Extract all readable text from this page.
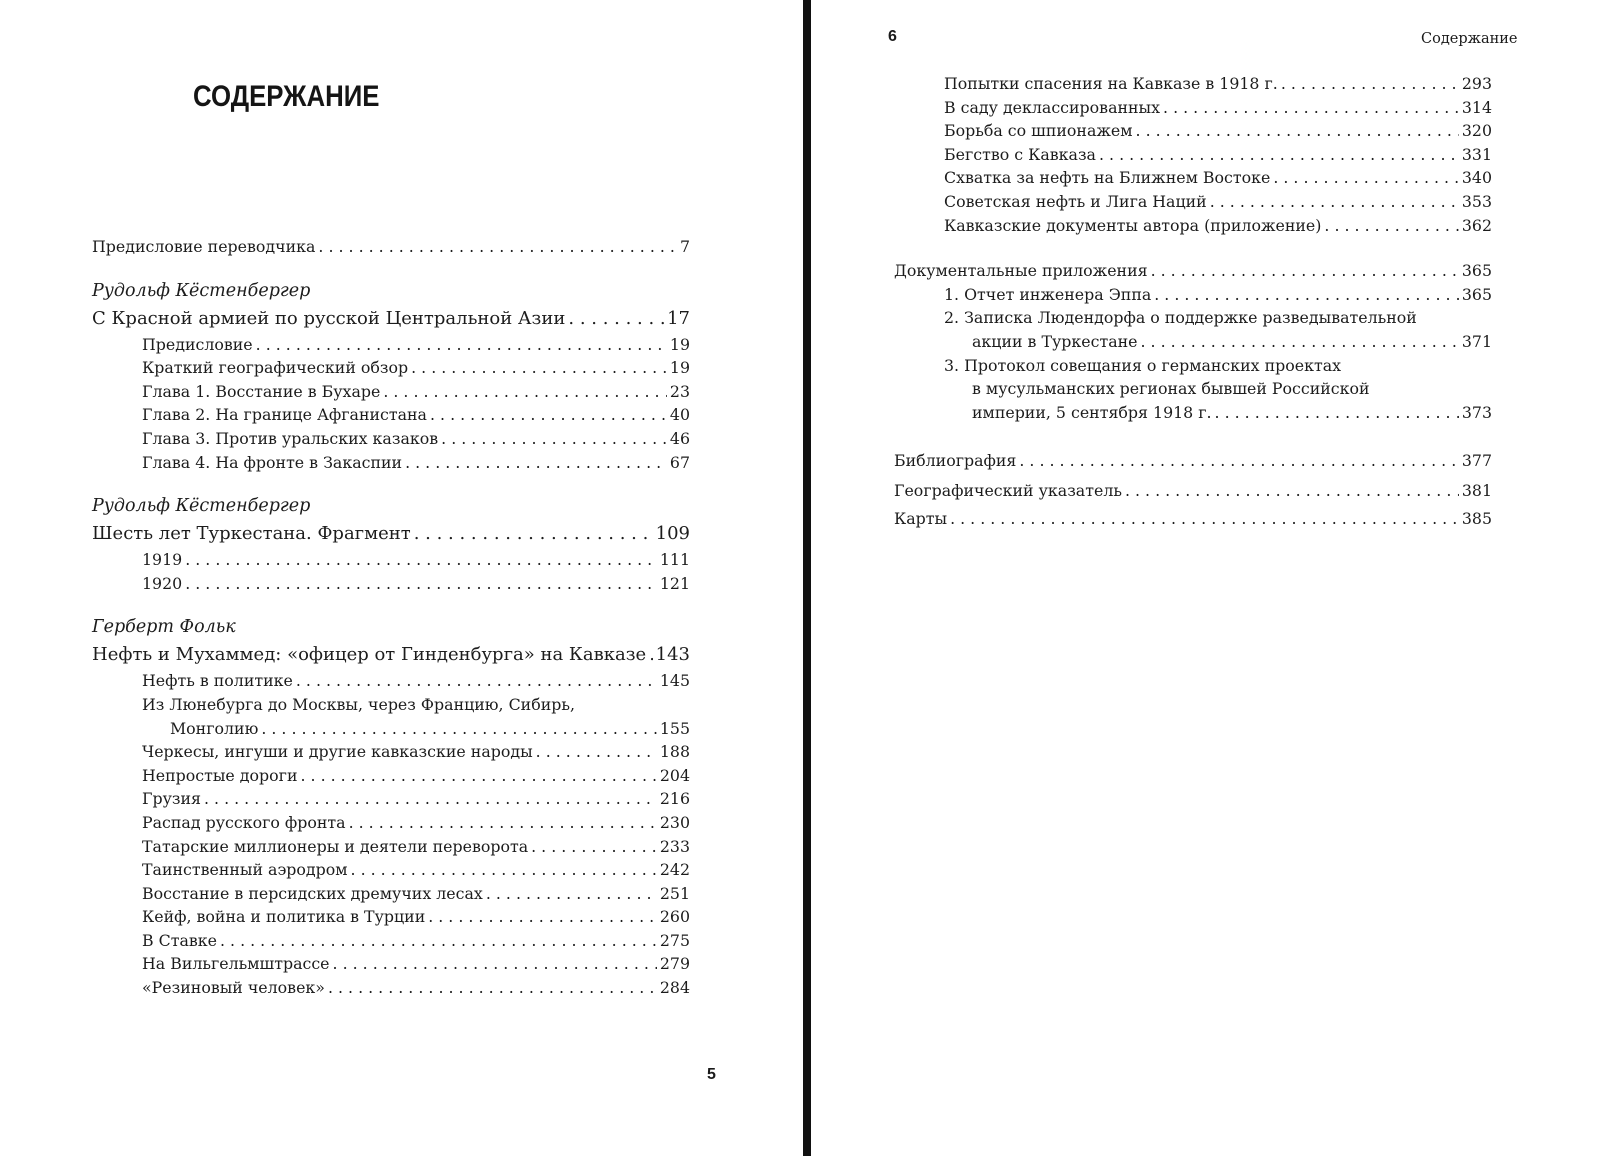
СОДЕРЖАНИЕ
Предисловие переводчика . . .	7
Рудольф Кёстенбергер
С Красной армией по русской Центральной Азии . . .	17
Предисловие . . .	19
Краткий географический обзор . . .	19
Глава 1. Восстание в Бухаре . . .	23
Глава 2. На границе Афганистана . . .	40
Глава 3. Против уральских казаков . . .	46
Глава 4. На фронте в Закаспии . . .	67
Рудольф Кёстенбергер
Шесть лет Туркестана. Фрагмент . . .	109
1919 . . .	111
1920 . . .	121
Герберт Фольк
Нефть и Мухаммед: «офицер от Гинденбурга» на Кавказе . . . 143
Нефть в политике . . .	145
Из Люнебурга до Москвы, через Францию, Сибирь,
Монголию . . .	155
Черкесы, ингуши и другие кавказские народы . . .	188
Непростые дороги . . .	204
Грузия . . .	216
Распад русского фронта . . .	230
Татарские миллионеры и деятели переворота . . .	233
Таинственный аэродром . . .	242
Восстание в персидских дремучих лесах . . .	251
Кейф, война и политика в Турции . . .	260
В Ставке . . .	275
На Вильгельмштрассе . . .	279
«Резиновый человек» . . .	284
5
6	Содержание
Попытки спасения на Кавказе в 1918 г. . . .	293
В саду деклассированных . . .	314
Борьба со шпионажем . . .	320
Бегство с Кавказа . . .	331
Схватка за нефть на Ближнем Востоке . . .	340
Советская нефть и Лига Наций . . .	353
Кавказские документы автора (приложение) . . .	362
Документальные приложения . . .	365
1. Отчет инженера Эппа . . .	365
2. Записка Людендорфа о поддержке разведывательной
акции в Туркестане . . .	371
3. Протокол совещания о германских проектах
в мусульманских регионах бывшей Российской
империи, 5 сентября 1918 г. . . .	373
Библиография . . .	377
Географический указатель . . .	381
Карты . . .	385
